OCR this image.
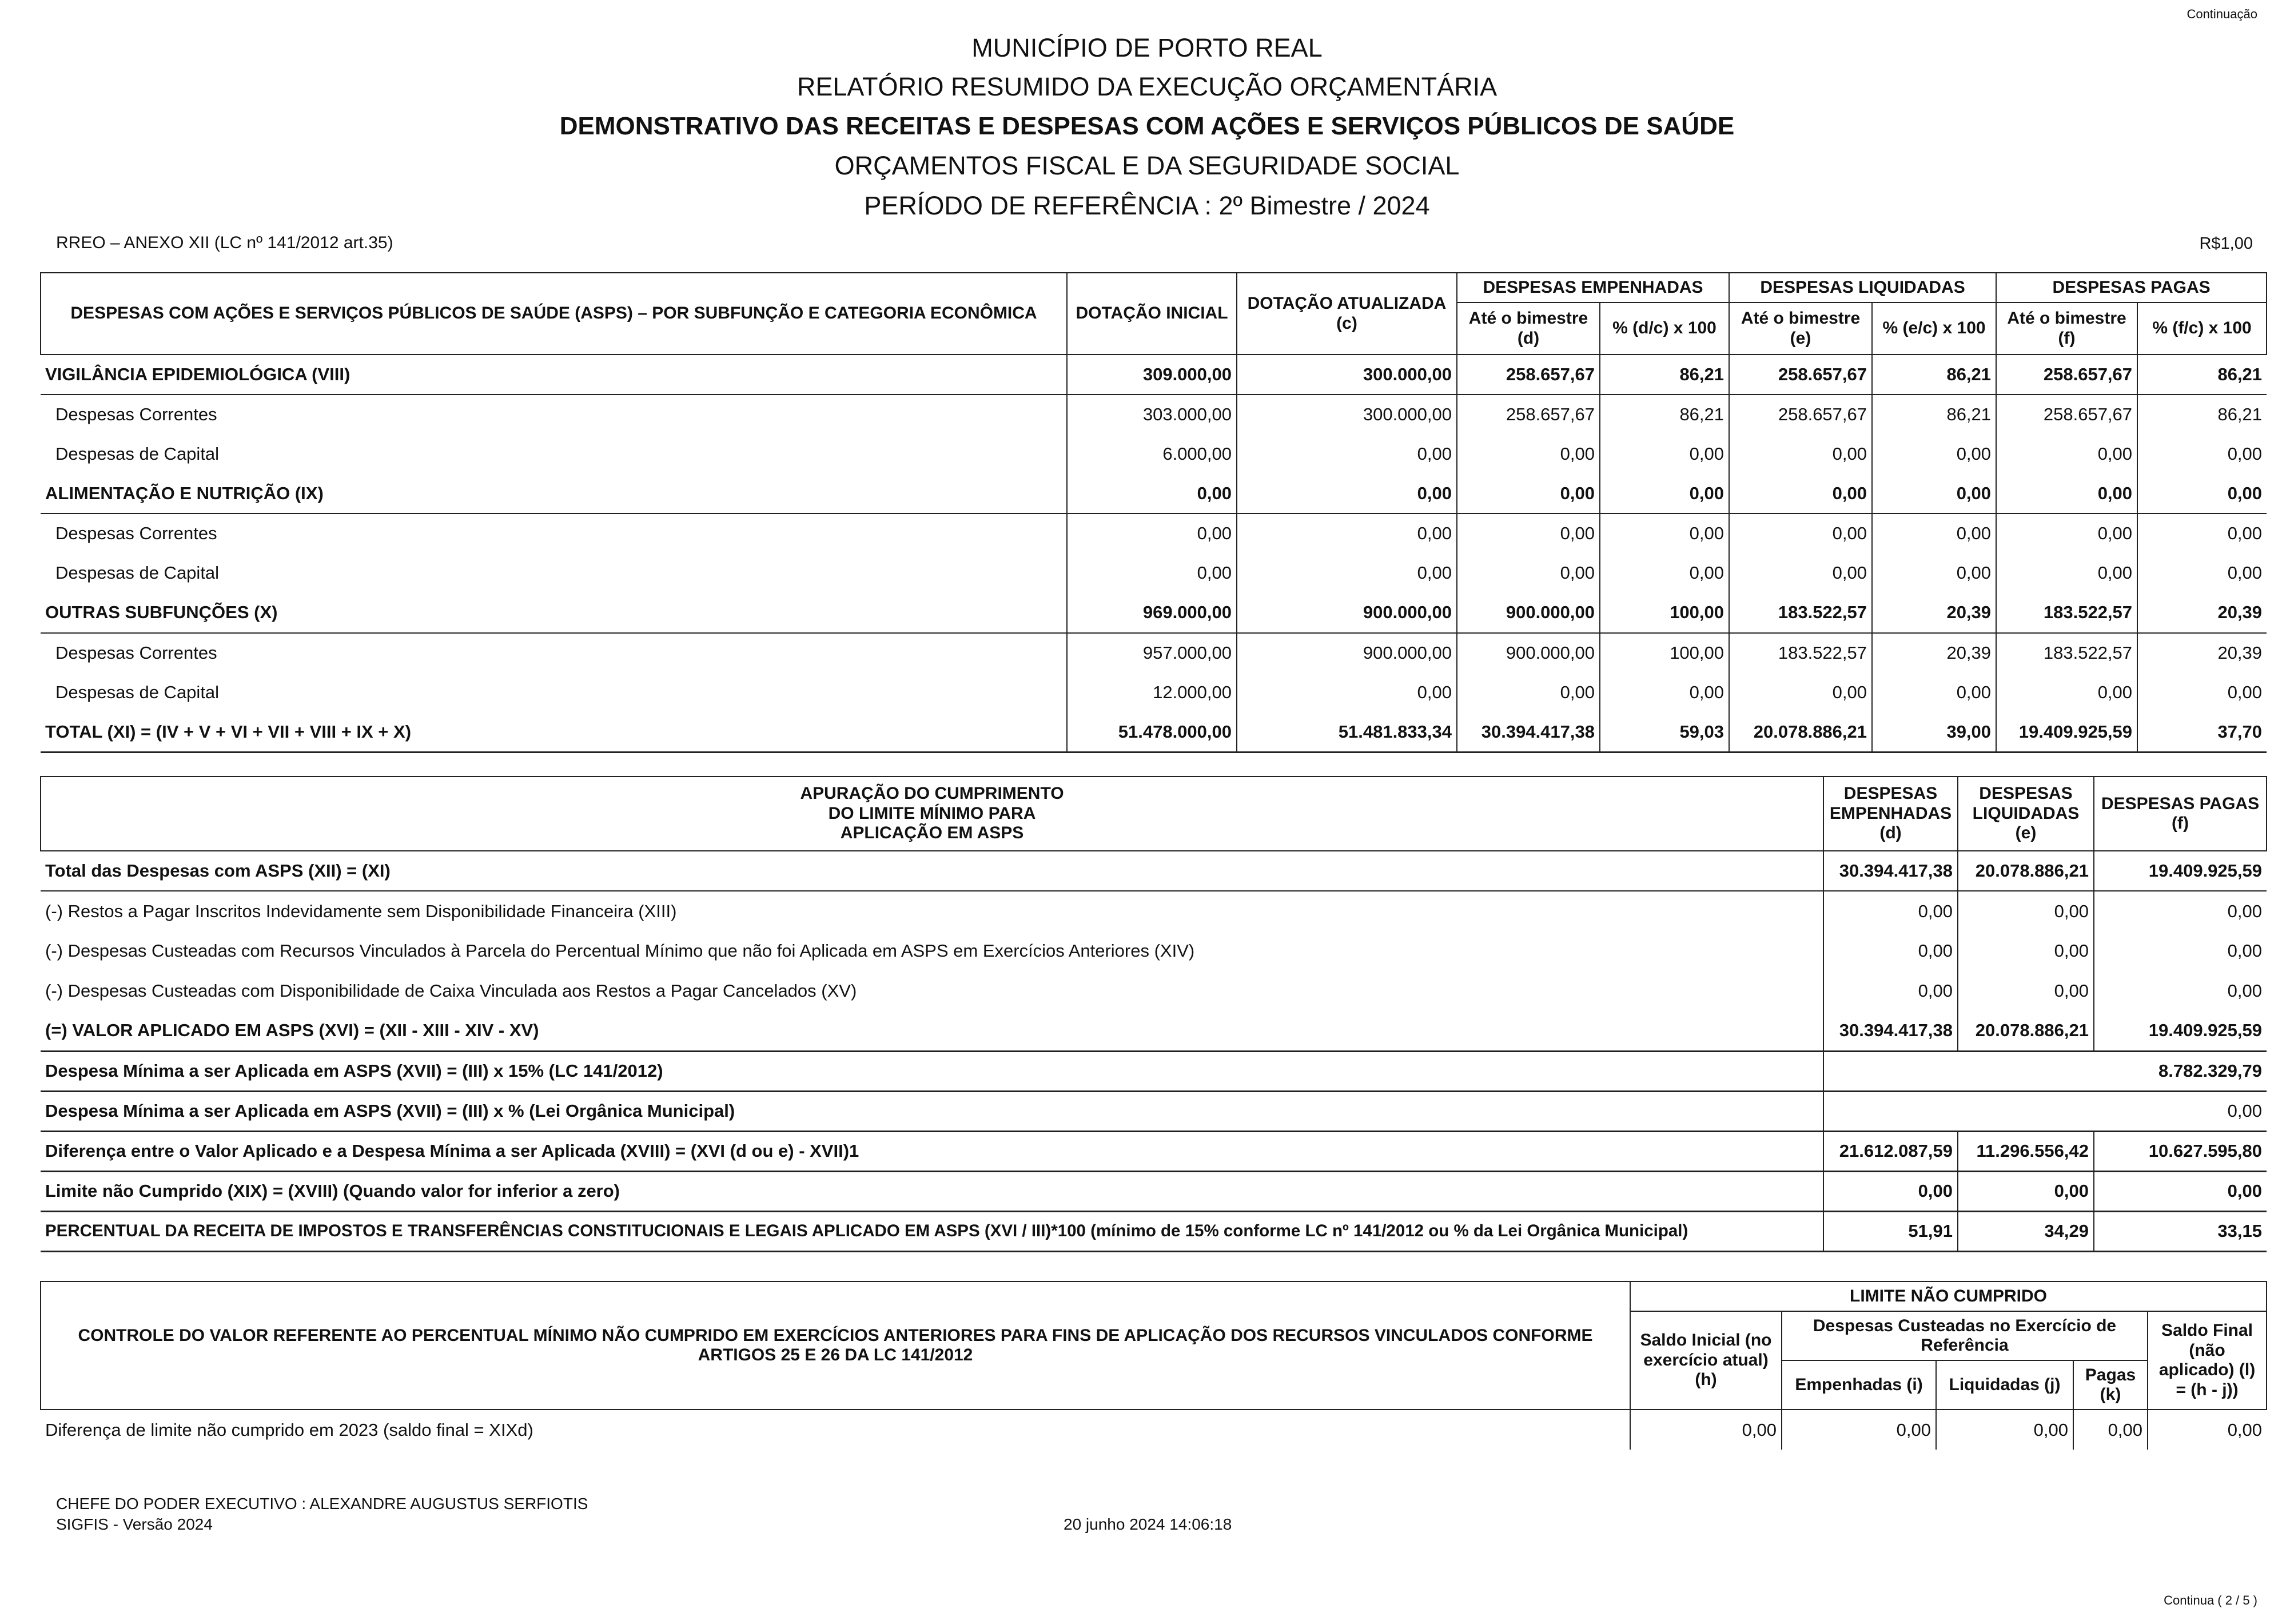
Continuação
MUNICÍPIO DE PORTO REAL
RELATÓRIO RESUMIDO DA EXECUÇÃO ORÇAMENTÁRIA
DEMONSTRATIVO DAS RECEITAS E DESPESAS COM AÇÕES E SERVIÇOS PÚBLICOS DE SAÚDE
ORÇAMENTOS FISCAL E DA SEGURIDADE SOCIAL
PERÍODO DE REFERÊNCIA : 2º Bimestre / 2024
RREO – ANEXO XII (LC nº 141/2012 art.35)	R$1,00
DESPESAS COM AÇÕES E SERVIÇOS PÚBLICOS DE SAÚDE (ASPS) – POR SUBFUNÇÃO E CATEGORIA ECONÔMICA	DOTAÇÃO INICIAL	DOTAÇÃO ATUALIZADA (c)	DESPESAS EMPENHADAS		DESPESAS LIQUIDADAS		DESPESAS PAGAS	
			Até o bimestre (d)	% (d/c) x 100	Até o bimestre (e)	% (e/c) x 100	Até o bimestre (f)	% (f/c) x 100
VIGILÂNCIA EPIDEMIOLÓGICA (VIII)	309.000,00	300.000,00	258.657,67	86,21	258.657,67	86,21	258.657,67	86,21
Despesas Correntes	303.000,00	300.000,00	258.657,67	86,21	258.657,67	86,21	258.657,67	86,21
Despesas de Capital	6.000,00	0,00	0,00	0,00	0,00	0,00	0,00	0,00
ALIMENTAÇÃO E NUTRIÇÃO (IX)	0,00	0,00	0,00	0,00	0,00	0,00	0,00	0,00
Despesas Correntes	0,00	0,00	0,00	0,00	0,00	0,00	0,00	0,00
Despesas de Capital	0,00	0,00	0,00	0,00	0,00	0,00	0,00	0,00
OUTRAS SUBFUNÇÕES (X)	969.000,00	900.000,00	900.000,00	100,00	183.522,57	20,39	183.522,57	20,39
Despesas Correntes	957.000,00	900.000,00	900.000,00	100,00	183.522,57	20,39	183.522,57	20,39
Despesas de Capital	12.000,00	0,00	0,00	0,00	0,00	0,00	0,00	0,00
TOTAL (XI) = (IV + V + VI + VII + VIII + IX + X)	51.478.000,00	51.481.833,34	30.394.417,38	59,03	20.078.886,21	39,00	19.409.925,59	37,70
APURAÇÃO DO CUMPRIMENTO
DO LIMITE MÍNIMO PARA
APLICAÇÃO EM ASPS	DESPESAS EMPENHADAS (d)	DESPESAS LIQUIDADAS (e)	DESPESAS PAGAS (f)
Total das Despesas com ASPS (XII) = (XI)	30.394.417,38	20.078.886,21	19.409.925,59
(-) Restos a Pagar Inscritos Indevidamente sem Disponibilidade Financeira (XIII)	0,00	0,00	0,00
(-) Despesas Custeadas com Recursos Vinculados à Parcela do Percentual Mínimo que não foi Aplicada em ASPS em Exercícios Anteriores (XIV)	0,00	0,00	0,00
(-) Despesas Custeadas com Disponibilidade de Caixa Vinculada aos Restos a Pagar Cancelados (XV)	0,00	0,00	0,00
(=) VALOR APLICADO EM ASPS (XVI) = (XII - XIII - XIV - XV)	30.394.417,38	20.078.886,21	19.409.925,59
Despesa Mínima a ser Aplicada em ASPS (XVII) = (III) x 15% (LC 141/2012)	8.782.329,79		
Despesa Mínima a ser Aplicada em ASPS (XVII) = (III) x % (Lei Orgânica Municipal)	0,00		
Diferença entre o Valor Aplicado e a Despesa Mínima a ser Aplicada (XVIII) = (XVI (d ou e) - XVII)1	21.612.087,59	11.296.556,42	10.627.595,80
Limite não Cumprido (XIX) = (XVIII) (Quando valor for inferior a zero)	0,00	0,00	0,00
PERCENTUAL DA RECEITA DE IMPOSTOS E TRANSFERÊNCIAS CONSTITUCIONAIS E LEGAIS APLICADO EM ASPS (XVI / III)*100 (mínimo de 15% conforme LC nº 141/2012 ou % da Lei Orgânica Municipal)	51,91	34,29	33,15
CONTROLE DO VALOR REFERENTE AO PERCENTUAL MÍNIMO NÃO CUMPRIDO EM EXERCÍCIOS ANTERIORES PARA FINS DE APLICAÇÃO DOS RECURSOS VINCULADOS CONFORME ARTIGOS 25 E 26 DA LC 141/2012	LIMITE NÃO CUMPRIDO				
	Saldo Inicial (no exercício atual) (h)	Despesas Custeadas no Exercício de Referência			Saldo Final (não aplicado) (l) = (h - j))
		Empenhadas (i)	Liquidadas (j)	Pagas (k)	
Diferença de limite não cumprido em 2023 (saldo final = XIXd)	0,00	0,00	0,00	0,00	0,00
CHEFE DO PODER EXECUTIVO : ALEXANDRE AUGUSTUS SERFIOTIS
SIGFIS - Versão 2024	20 junho 2024 14:06:18
Continua ( 2 / 5 )
